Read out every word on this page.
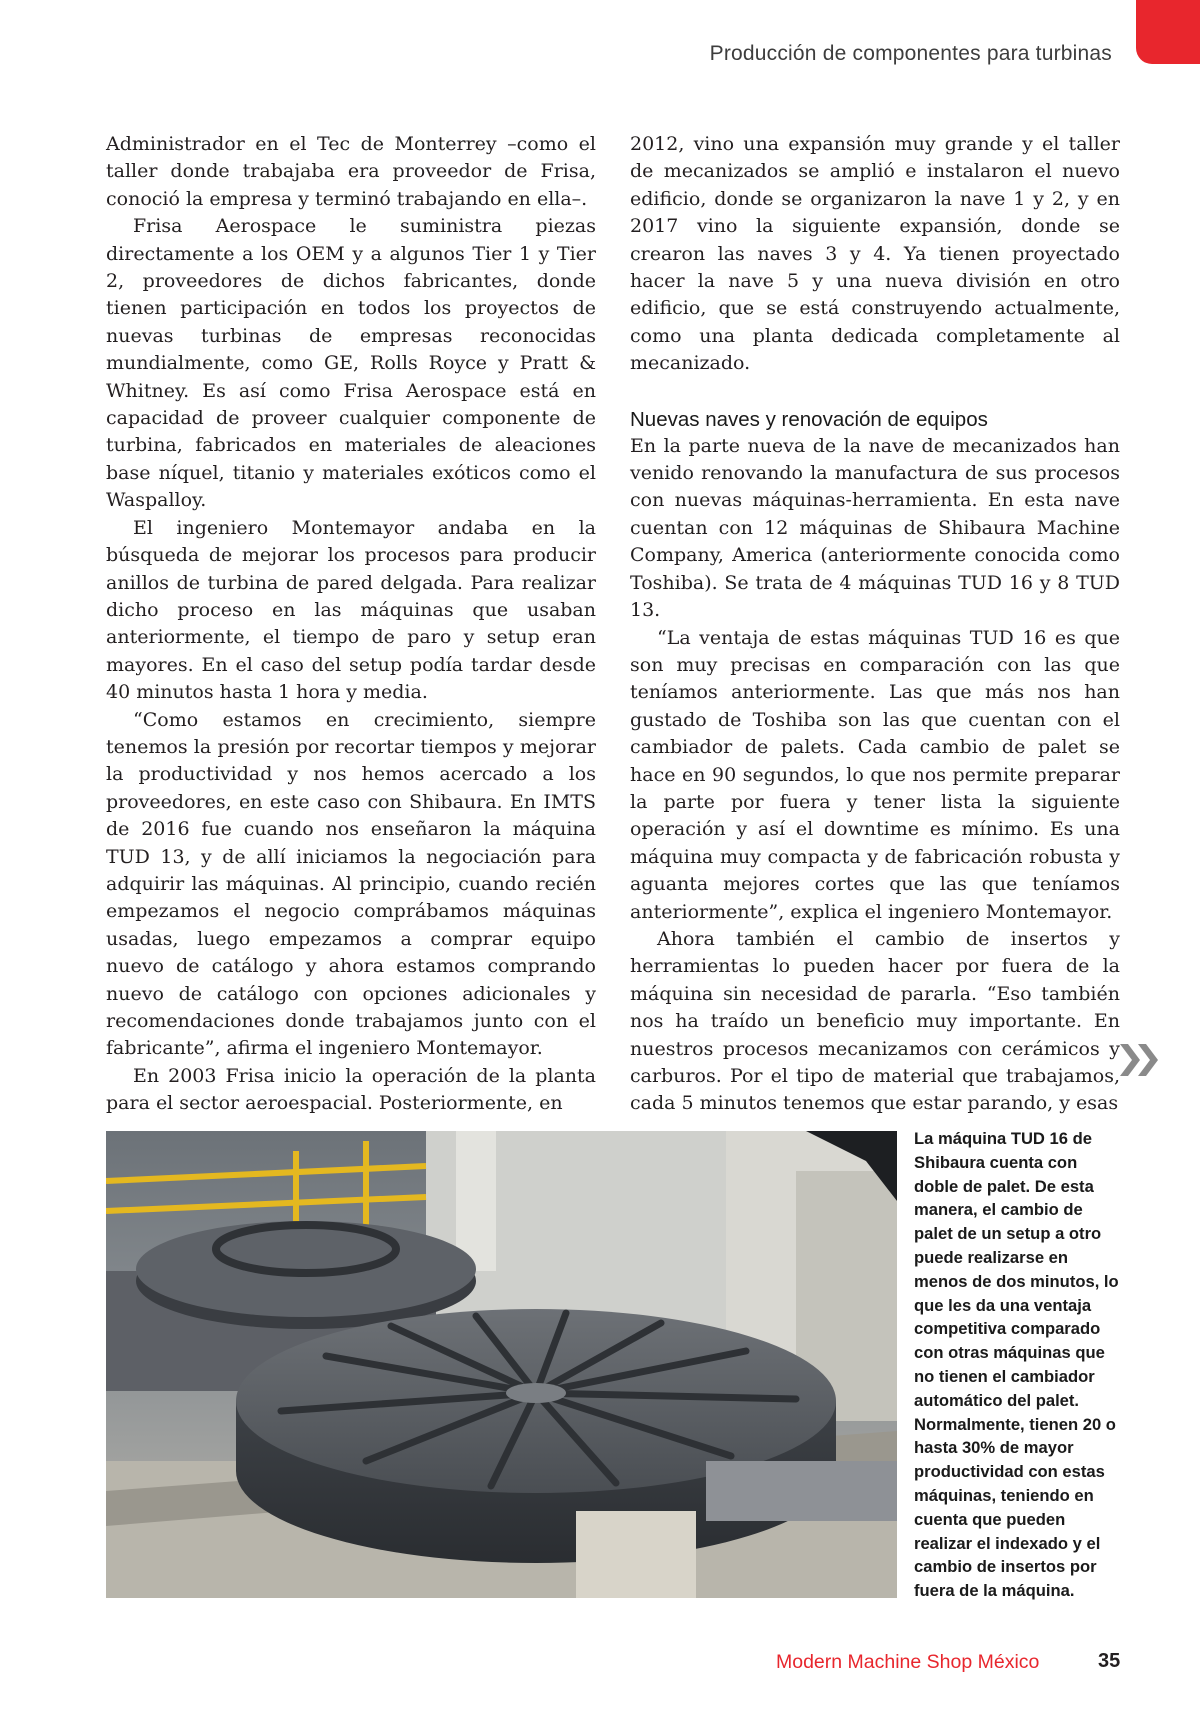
Producción de componentes para turbinas

Administrador en el Tec de Monterrey –como el taller donde trabajaba era proveedor de Frisa, conoció la empresa y terminó trabajando en ella–.

Frisa Aerospace le suministra piezas directamente a los OEM y a algunos Tier 1 y Tier 2, proveedores de dichos fabricantes, donde tienen participación en todos los proyectos de nuevas turbinas de empresas reconocidas mundialmente, como GE, Rolls Royce y Pratt & Whitney. Es así como Frisa Aerospace está en capacidad de proveer cualquier componente de turbina, fabricados en materiales de aleaciones base níquel, titanio y materiales exóticos como el Waspalloy.

El ingeniero Montemayor andaba en la búsqueda de mejorar los procesos para producir anillos de turbina de pared delgada. Para realizar dicho proceso en las máquinas que usaban anteriormente, el tiempo de paro y setup eran mayores. En el caso del setup podía tardar desde 40 minutos hasta 1 hora y media.

“Como estamos en crecimiento, siempre tenemos la presión por recortar tiempos y mejorar la productividad y nos hemos acercado a los proveedores, en este caso con Shibaura. En IMTS de 2016 fue cuando nos enseñaron la máquina TUD 13, y de allí iniciamos la negociación para adquirir las máquinas. Al principio, cuando recién empezamos el negocio comprábamos máquinas usadas, luego empezamos a comprar equipo nuevo de catálogo y ahora estamos comprando nuevo de catálogo con opciones adicionales y recomendaciones donde trabajamos junto con el fabricante”, afirma el ingeniero Montemayor.

En 2003 Frisa inicio la operación de la planta para el sector aeroespacial. Posteriormente, en

2012, vino una expansión muy grande y el taller de mecanizados se amplió e instalaron el nuevo edificio, donde se organizaron la nave 1 y 2, y en 2017 vino la siguiente expansión, donde se crearon las naves 3 y 4. Ya tienen proyectado hacer la nave 5 y una nueva división en otro edificio, que se está construyendo actualmente, como una planta dedicada completamente al mecanizado.

Nuevas naves y renovación de equipos

En la parte nueva de la nave de mecanizados han venido renovando la manufactura de sus procesos con nuevas máquinas-herramienta. En esta nave cuentan con 12 máquinas de Shibaura Machine Company, America (anteriormente conocida como Toshiba). Se trata de 4 máquinas TUD 16 y 8 TUD 13.

“La ventaja de estas máquinas TUD 16 es que son muy precisas en comparación con las que teníamos anteriormente. Las que más nos han gustado de Toshiba son las que cuentan con el cambiador de palets. Cada cambio de palet se hace en 90 segundos, lo que nos permite preparar la parte por fuera y tener lista la siguiente operación y así el downtime es mínimo. Es una máquina muy compacta y de fabricación robusta y aguanta mejores cortes que las que teníamos anteriormente”, explica el ingeniero Montemayor.

Ahora también el cambio de insertos y herramientas lo pueden hacer por fuera de la máquina sin necesidad de pararla. “Eso también nos ha traído un beneficio muy importante. En nuestros procesos mecanizamos con cerámicos y carburos. Por el tipo de material que trabajamos, cada 5 minutos tenemos que estar parando, y esas

La máquina TUD 16 de Shibaura cuenta con doble de palet. De esta manera, el cambio de palet de un setup a otro puede realizarse en menos de dos minutos, lo que les da una ventaja competitiva comparado con otras máquinas que no tienen el cambiador automático del palet. Normalmente, tienen 20 o hasta 30% de mayor productividad con estas máquinas, teniendo en cuenta que pueden realizar el indexado y el cambio de insertos por fuera de la máquina.
Modern Machine Shop México	35
